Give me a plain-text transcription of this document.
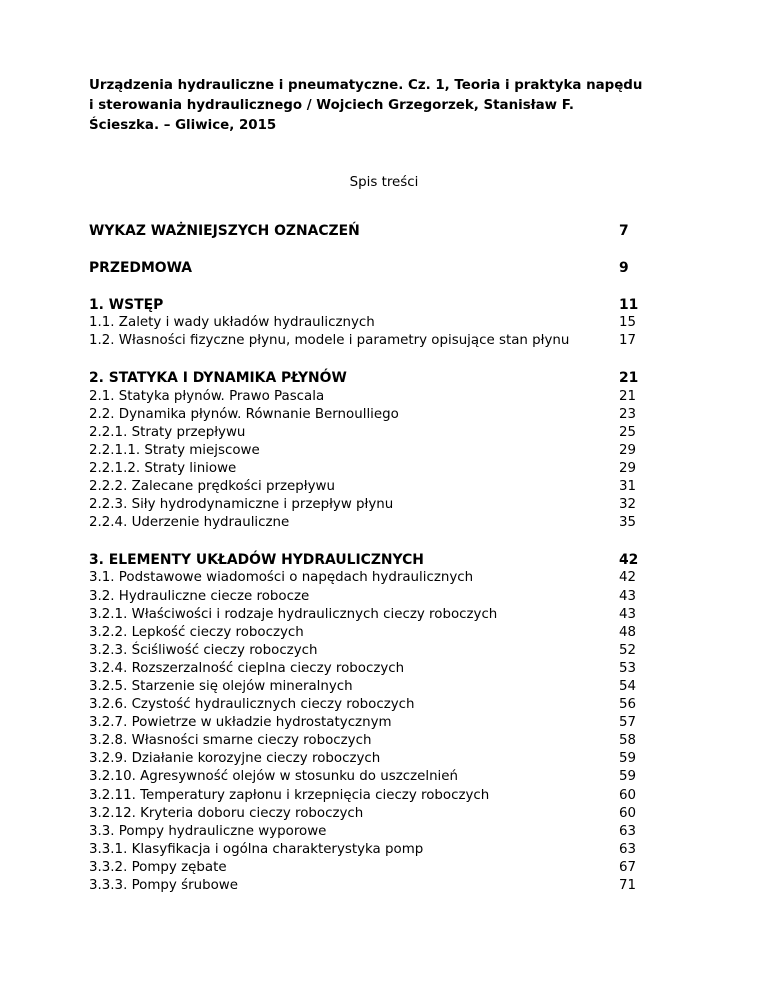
Urządzenia hydrauliczne i pneumatyczne. Cz. 1, Teoria i praktyka napędu
i sterowania hydraulicznego / Wojciech Grzegorzek, Stanisław F.
Ścieszka. – Gliwice, 2015
Spis treści
WYKAZ WAŻNIEJSZYCH OZNACZEŃ	7
PRZEDMOWA	9
1. WSTĘP	11
1.1. Zalety i wady układów hydraulicznych	15
1.2. Własności fizyczne płynu, modele i parametry opisujące stan płynu	17
2. STATYKA I DYNAMIKA PŁYNÓW	21
2.1. Statyka płynów. Prawo Pascala	21
2.2. Dynamika płynów. Równanie Bernoulliego	23
2.2.1. Straty przepływu	25
2.2.1.1. Straty miejscowe	29
2.2.1.2. Straty liniowe	29
2.2.2. Zalecane prędkości przepływu	31
2.2.3. Siły hydrodynamiczne i przepływ płynu	32
2.2.4. Uderzenie hydrauliczne	35
3. ELEMENTY UKŁADÓW HYDRAULICZNYCH	42
3.1. Podstawowe wiadomości o napędach hydraulicznych	42
3.2. Hydrauliczne ciecze robocze	43
3.2.1. Właściwości i rodzaje hydraulicznych cieczy roboczych	43
3.2.2. Lepkość cieczy roboczych	48
3.2.3. Ściśliwość cieczy roboczych	52
3.2.4. Rozszerzalność cieplna cieczy roboczych	53
3.2.5. Starzenie się olejów mineralnych	54
3.2.6. Czystość hydraulicznych cieczy roboczych	56
3.2.7. Powietrze w układzie hydrostatycznym	57
3.2.8. Własności smarne cieczy roboczych	58
3.2.9. Działanie korozyjne cieczy roboczych	59
3.2.10. Agresywność olejów w stosunku do uszczelnień	59
3.2.11. Temperatury zapłonu i krzepnięcia cieczy roboczych	60
3.2.12. Kryteria doboru cieczy roboczych	60
3.3. Pompy hydrauliczne wyporowe	63
3.3.1. Klasyfikacja i ogólna charakterystyka pomp	63
3.3.2. Pompy zębate	67
3.3.3. Pompy śrubowe	71
